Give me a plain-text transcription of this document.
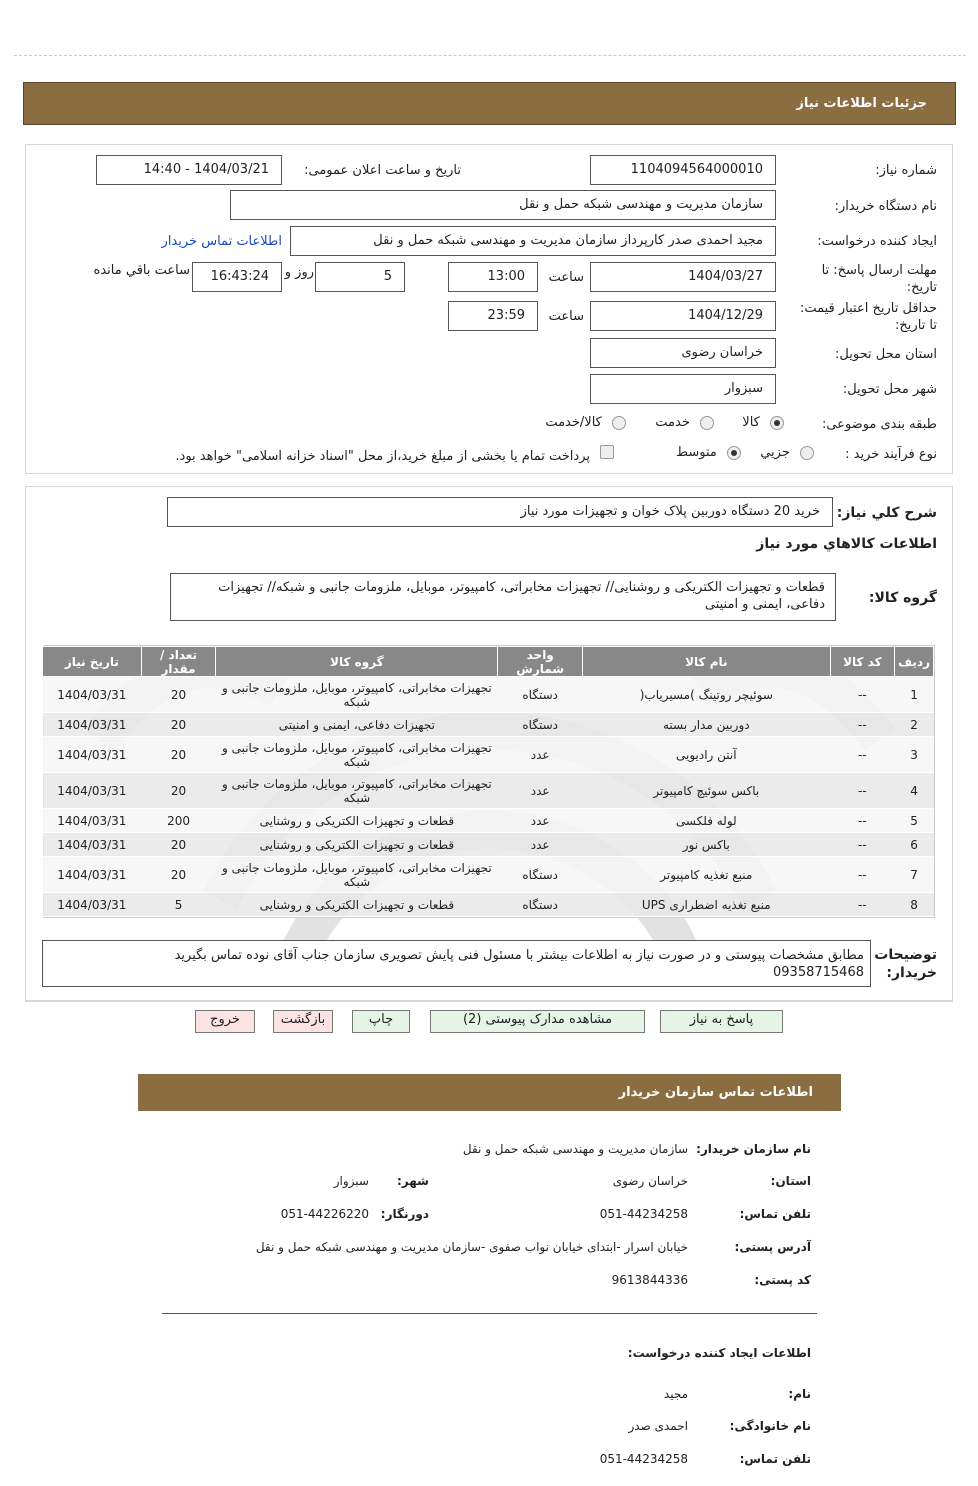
جزئیات اطلاعات نیاز
شماره نیاز:
1104094564000010
تاریخ و ساعت اعلان عمومی:
1404/03/21 - 14:40
نام دستگاه خریدار:
سازمان مدیریت و مهندسی شبکه حمل و نقل
ایجاد کننده درخواست:
مجید احمدی صدر کارپرداز سازمان مدیریت و مهندسی شبکه حمل و نقل
اطلاعات تماس خریدار
مهلت ارسال پاسخ: تا
تاریخ:
1404/03/27
ساعت
13:00
5
روز و
16:43:24
ساعت باقي مانده
حداقل تاریخ اعتبار قیمت:
تا تاریخ:
1404/12/29
ساعت
23:59
استان محل تحویل:
خراسان رضوی
شهر محل تحویل:
سبزوار
طبقه بندی موضوعی:
کالا
خدمت
کالا/خدمت
نوع فرآیند خرید :
جزيي
متوسط
پرداخت تمام یا بخشی از مبلغ خرید،از محل "اسناد خزانه اسلامی" خواهد بود.
شرح كلي نياز:
خرید 20 دستگاه دوربین پلاک خوان و تجهیزات مورد نیاز
اطلاعات كالاهاي مورد نياز
گروه کالا:
قطعات و تجهیزات الکتریکی و روشنایی// تجهیزات مخابراتی، کامپیوتر، موبایل، ملزومات جانبی و شبکه// تجهیزات دفاعی، ایمنی و امنیتی
ردیف	کد کالا	نام کالا	واحد شمارش	گروه کالا	تعداد / مقدار	تاریخ نیاز
1	--	سوئیچر روتینگ )مسیریاب(	دستگاه	تجهیزات مخابراتی، کامپیوتر، موبایل، ملزومات جانبی و شبکه	20	1404/03/31
2	--	دوربین مدار بسته	دستگاه	تجهیزات دفاعی، ایمنی و امنیتی	20	1404/03/31
3	--	آنتن رادیویی	عدد	تجهیزات مخابراتی، کامپیوتر، موبایل، ملزومات جانبی و شبکه	20	1404/03/31
4	--	باکس سوئیچ کامپیوتر	عدد	تجهیزات مخابراتی، کامپیوتر، موبایل، ملزومات جانبی و شبکه	20	1404/03/31
5	--	لوله فلکسی	عدد	قطعات و تجهیزات الکتریکی و روشنایی	200	1404/03/31
6	--	باکس نور	عدد	قطعات و تجهیزات الکتریکی و روشنایی	20	1404/03/31
7	--	منبع تغذیه کامپیوتر	دستگاه	تجهیزات مخابراتی، کامپیوتر، موبایل، ملزومات جانبی و شبکه	20	1404/03/31
8	--	منبع تغذیه اضطراری UPS	دستگاه	قطعات و تجهیزات الکتریکی و روشنایی	5	1404/03/31
توضیحات
خریدار:
مطابق مشخصات پیوستی و در صورت نیاز به اطلاعات بیشتر با مسئول فنی پایش تصویری سازمان جناب آقای نوده تماس بگیرید
09358715468
پاسخ به نیاز
مشاهده مدارک پیوستی (2)
چاپ
بازگشت
خروج
اطلاعات تماس سازمان خریدار
نام سازمان خریدار:
سازمان مدیریت و مهندسی شبکه حمل و نقل
استان:
خراسان رضوی
شهر:
سبزوار
تلفن تماس:
051-44234258
دورنگار:
051-44226220
آدرس پستی:
خیابان اسرار -ابتدای خیابان نواب صفوی -سازمان مدیریت و مهندسی شبکه حمل و نقل
کد پستی:
9613844336
اطلاعات ایجاد کننده درخواست:
نام:
مجید
نام خانوادگی:
احمدی صدر
تلفن تماس:
051-44234258
